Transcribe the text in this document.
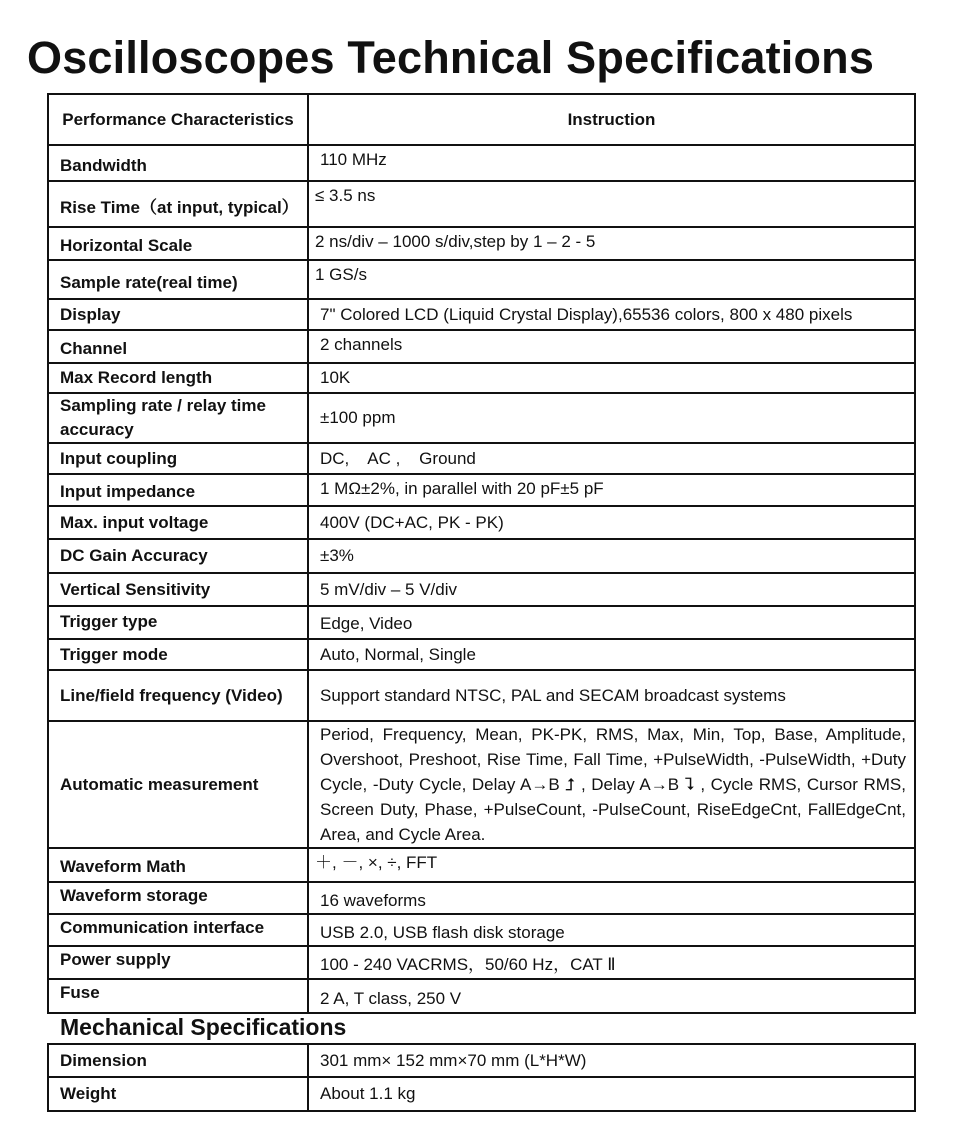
Oscilloscopes Technical Specifications
Performance Characteristics	Instruction
Bandwidth	110 MHz
Rise Time（at input, typical）	≤ 3.5 ns
Horizontal Scale	2 ns/div – 1000 s/div,step by 1 – 2 - 5
Sample rate(real time)	1 GS/s
Display	7" Colored LCD (Liquid Crystal Display),65536 colors, 800 x 480 pixels
Channel	2 channels
Max Record length	10K
Sampling rate / relay time accuracy	±100 ppm
Input coupling	DC,    AC ,    Ground
Input impedance	1 MΩ±2%, in parallel with 20 pF±5 pF
Max. input voltage	400V (DC+AC, PK - PK)
DC Gain Accuracy	±3%
Vertical Sensitivity	5 mV/div – 5 V/div
Trigger type	Edge, Video
Trigger mode	Auto, Normal, Single
Line/field frequency (Video)	Support standard NTSC, PAL and SECAM broadcast systems
Automatic measurement	Period, Frequency, Mean, PK-PK, RMS, Max, Min, Top, Base, Amplitude, Overshoot, Preshoot, Rise Time, Fall Time, +PulseWidth, -PulseWidth, +Duty Cycle, -Duty Cycle, Delay A→B ⮥ , Delay A→B ⮧ , Cycle RMS, Cursor RMS, Screen Duty, Phase, +PulseCount, -PulseCount, RiseEdgeCnt, FallEdgeCnt, Area, and Cycle Area.
Waveform Math	＋, －, ×, ÷, FFT
Waveform storage	16 waveforms
Communication interface	USB 2.0, USB flash disk storage
Power supply	100 - 240 VACRMS，50/60 Hz，CAT Ⅱ
Fuse	2 A, T class, 250 V
Mechanical Specifications
Dimension	301 mm× 152 mm×70 mm (L*H*W)
Weight	About 1.1 kg
